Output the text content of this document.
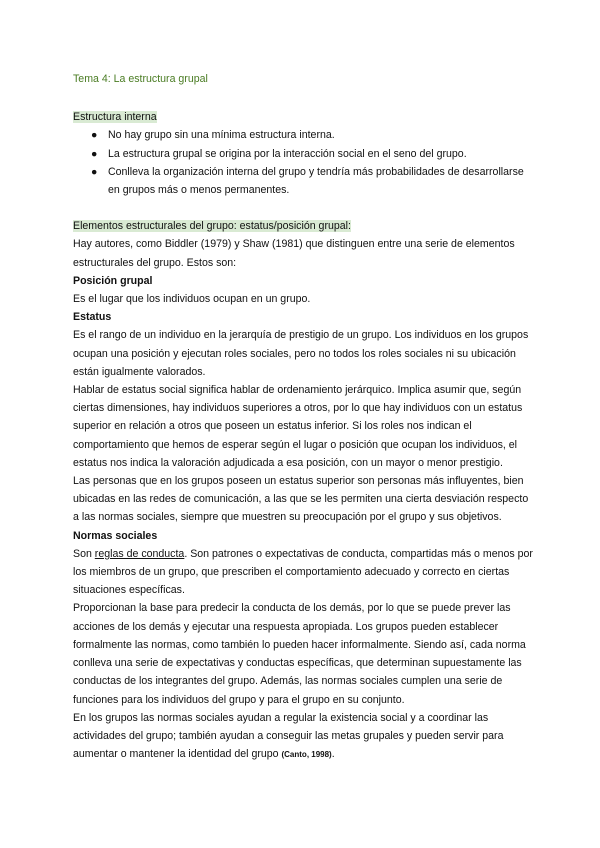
Tema 4: La estructura grupal

Estructura interna

● No hay grupo sin una mínima estructura interna.
● La estructura grupal se origina por la interacción social en el seno del grupo.
● Conlleva la organización interna del grupo y tendría más probabilidades de desarrollarse en grupos más o menos permanentes.

Elementos estructurales del grupo: estatus/posición grupal:

Hay autores, como Biddler (1979) y Shaw (1981) que distinguen entre una serie de elementos estructurales del grupo. Estos son:

Posición grupal

Es el lugar que los individuos ocupan en un grupo.

Estatus

Es el rango de un individuo en la jerarquía de prestigio de un grupo. Los individuos en los grupos ocupan una posición y ejecutan roles sociales, pero no todos los roles sociales ni su ubicación están igualmente valorados.

Hablar de estatus social significa hablar de ordenamiento jerárquico. Implica asumir que, según ciertas dimensiones, hay individuos superiores a otros, por lo que hay individuos con un estatus superior en relación a otros que poseen un estatus inferior. Si los roles nos indican el comportamiento que hemos de esperar según el lugar o posición que ocupan los individuos, el estatus nos indica la valoración adjudicada a esa posición, con un mayor o menor prestigio.

Las personas que en los grupos poseen un estatus superior son personas más influyentes, bien ubicadas en las redes de comunicación, a las que se les permiten una cierta desviación respecto a las normas sociales, siempre que muestren su preocupación por el grupo y sus objetivos.

Normas sociales

Son reglas de conducta. Son patrones o expectativas de conducta, compartidas más o menos por los miembros de un grupo, que prescriben el comportamiento adecuado y correcto en ciertas situaciones específicas.

Proporcionan la base para predecir la conducta de los demás, por lo que se puede prever las acciones de los demás y ejecutar una respuesta apropiada. Los grupos pueden establecer formalmente las normas, como también lo pueden hacer informalmente. Siendo así, cada norma conlleva una serie de expectativas y conductas específicas, que determinan supuestamente las conductas de los integrantes del grupo. Además, las normas sociales cumplen una serie de funciones para los individuos del grupo y para el grupo en su conjunto.

En los grupos las normas sociales ayudan a regular la existencia social y a coordinar las actividades del grupo; también ayudan a conseguir las metas grupales y pueden servir para aumentar o mantener la identidad del grupo (Canto, 1998).
